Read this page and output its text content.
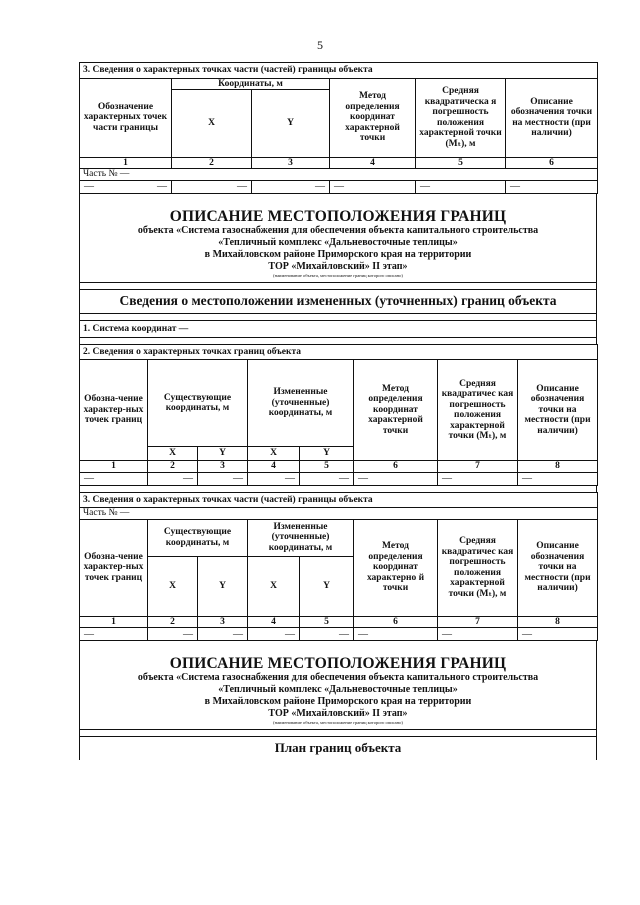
5
3. Сведения о характерных точках части (частей) границы объекта					
Обозначение характерных точек части границы	Координаты, м		Метод определения координат характерной точки	Средняя квадратическа я погрешность положения характерной точки (Мₜ), м	Описание обозначения точки на местности (при наличии)
	X	Y			
1	2	3	4	5	6
Часть № —					

— —	—	—	—	—	—
ОПИСАНИЕ МЕСТОПОЛОЖЕНИЯ ГРАНИЦ
объекта «Система газоснабжения для обеспечения объекта капитального строительства
«Тепличный комплекс «Дальневосточные теплицы»
в Михайловском районе Приморского края на территории
ТОР «Михайловский» II этап»
(наименование объекта, местоположение границ которого описано)
Сведения о местоположении измененных (уточненных) границ объекта
1. Система координат —
2. Сведения о характерных точках границ объекта							
Обозна-чение характер-ных точек границ	Существующие координаты, м		Измененные (уточненные) координаты, м		Метод определения координат характерной точки	Средняя квадратичес кая погрешность положения характерной точки (Мₜ), м	Описание обозначения точки на местности (при наличии)
	X	Y	X	Y			
1	2	3	4	5	6	7	8

—	—	—	—	—	—	—	—
3. Сведения о характерных точках части (частей) границы объекта							
Часть № —							
Обозна-чение характер-ных точек границ	Существующие координаты, м		Измененные (уточненные) координаты, м		Метод определения координат характерно й точки	Средняя квадратичес кая погрешность положения характерной точки (Мₜ), м	Описание обозначения точки на местности (при наличии)
	X	Y	X	Y			
1	2	3	4	5	6	7	8

—	—	—	—	—	—	—	—
ОПИСАНИЕ МЕСТОПОЛОЖЕНИЯ ГРАНИЦ
объекта «Система газоснабжения для обеспечения объекта капитального строительства
«Тепличный комплекс «Дальневосточные теплицы»
в Михайловском районе Приморского края на территории
ТОР «Михайловский» II этап»
(наименование объекта, местоположение границ которого описано)
План границ объекта
